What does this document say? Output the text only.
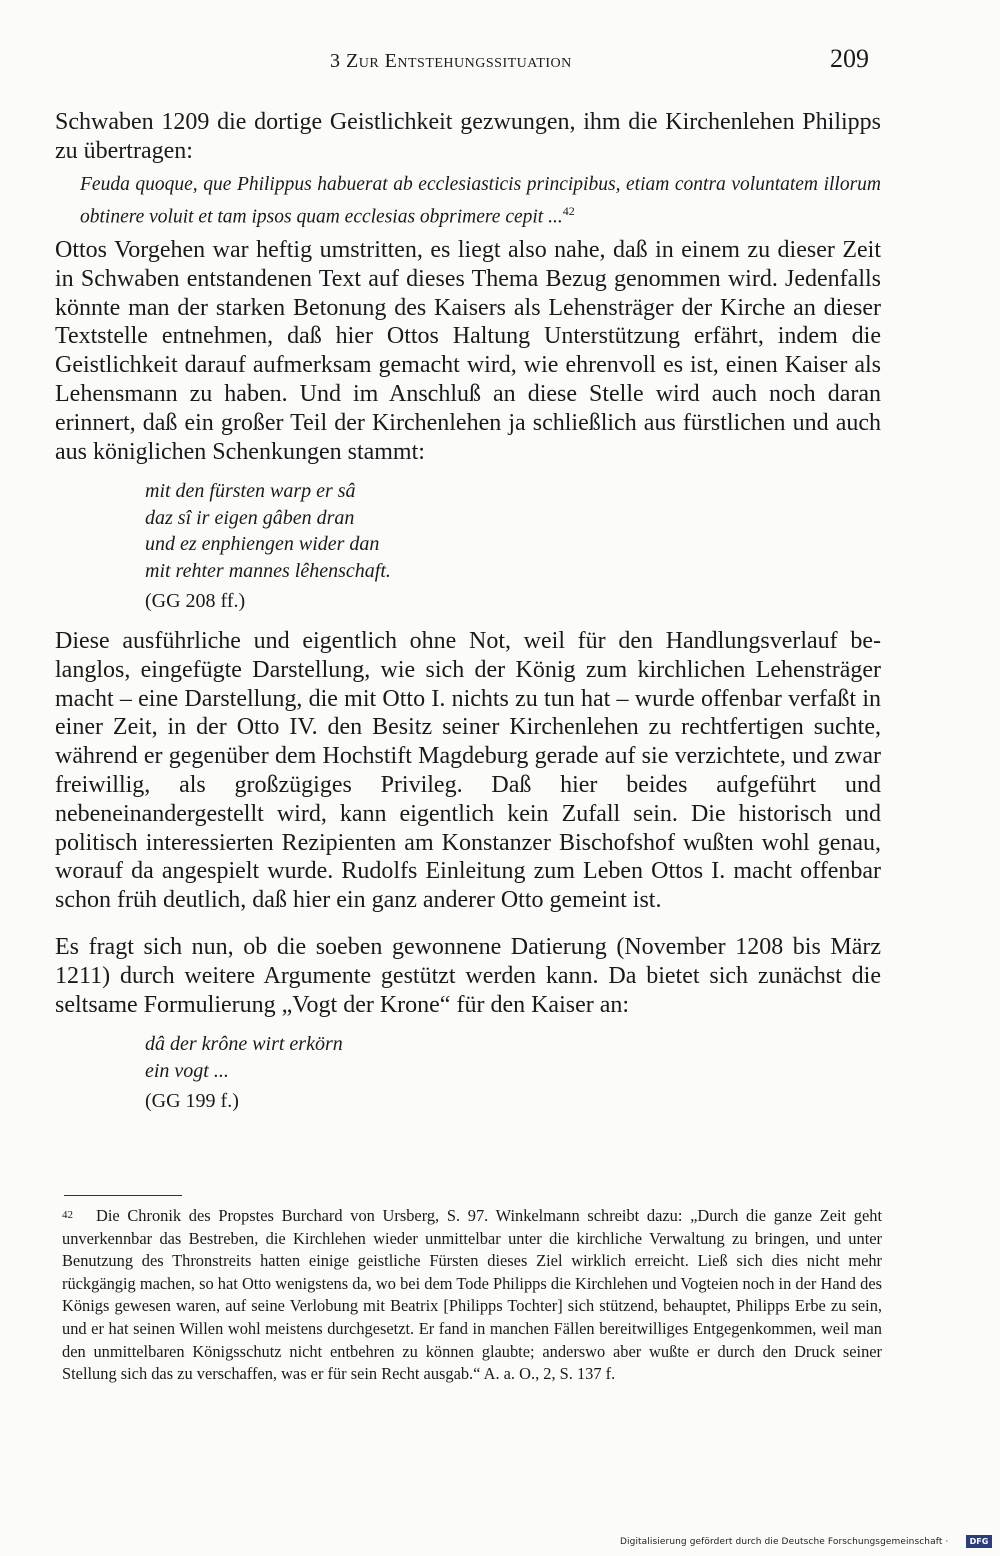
3 Zur Entstehungssituation	209

Schwaben 1209 die dortige Geistlichkeit gezwungen, ihm die Kirchenlehen Philipps zu übertragen:

Feuda quoque, que Philippus habuerat ab ecclesiasticis principibus, etiam contra voluntatem illorum obtinere voluit et tam ipsos quam ecclesias obprimere cepit ...$^{42}$

Ottos Vorgehen war heftig umstritten, es liegt also nahe, daß in einem zu dieser Zeit in Schwaben entstandenen Text auf dieses Thema Bezug genommen wird. Jedenfalls könnte man der starken Betonung des Kaisers als Lehensträger der Kirche an dieser Textstelle entnehmen, daß hier Ottos Haltung Unterstützung erfährt, indem die Geistlichkeit darauf aufmerksam gemacht wird, wie ehrenvoll es ist, einen Kaiser als Lehensmann zu haben. Und im Anschluß an diese Stelle wird auch noch daran erinnert, daß ein großer Teil der Kirchenlehen ja schließlich aus fürstlichen und auch aus königlichen Schenkungen stammt:

mit den fürsten warp er sâ
daz sî ir eigen gâben dran
und ez enphiengen wider dan
mit rehter mannes lêhenschaft.
(GG 208 ff.)

Diese ausführliche und eigentlich ohne Not, weil für den Handlungsverlauf belanglos, eingefügte Darstellung, wie sich der König zum kirchlichen Lehensträger macht – eine Darstellung, die mit Otto I. nichts zu tun hat – wurde offenbar verfaßt in einer Zeit, in der Otto IV. den Besitz seiner Kirchenlehen zu rechtfertigen suchte, während er gegenüber dem Hochstift Magdeburg gerade auf sie verzichtete, und zwar freiwillig, als großzügiges Privileg. Daß hier beides aufgeführt und nebeneinandergestellt wird, kann eigentlich kein Zufall sein. Die historisch und politisch interessierten Rezipienten am Konstanzer Bischofshof wußten wohl genau, worauf da angespielt wurde. Rudolfs Einleitung zum Leben Ottos I. macht offenbar schon früh deutlich, daß hier ein ganz anderer Otto gemeint ist.

Es fragt sich nun, ob die soeben gewonnene Datierung (November 1208 bis März 1211) durch weitere Argumente gestützt werden kann. Da bietet sich zunächst die seltsame Formulierung „Vogt der Krone“ für den Kaiser an:

dâ der krône wirt erkörn
ein vogt ...
(GG 199 f.)
42 Die Chronik des Propstes Burchard von Ursberg, S. 97. Winkelmann schreibt dazu: „Durch die ganze Zeit geht unverkennbar das Bestreben, die Kirchlehen wieder unmittelbar unter die kirchliche Verwaltung zu bringen, und unter Benutzung des Thronstreits hatten einige geistliche Fürsten dieses Ziel wirklich erreicht. Ließ sich dies nicht mehr rückgängig machen, so hat Otto wenigstens da, wo bei dem Tode Philipps die Kirchlehen und Vogteien noch in der Hand des Königs gewesen waren, auf seine Verlobung mit Beatrix [Philipps Tochter] sich stützend, behauptet, Philipps Erbe zu sein, und er hat seinen Willen wohl meistens durchgesetzt. Er fand in manchen Fällen bereitwilliges Entgegenkommen, weil man den unmittelbaren Königsschutz nicht entbehren zu können glaubte; anderswo aber wußte er durch den Druck seiner Stellung sich das zu verschaffen, was er für sein Recht ausgab.“ A. a. O., 2, S. 137 f.
Digitalisierung gefördert durch die Deutsche Forschungsgemeinschaft ·	DFG
